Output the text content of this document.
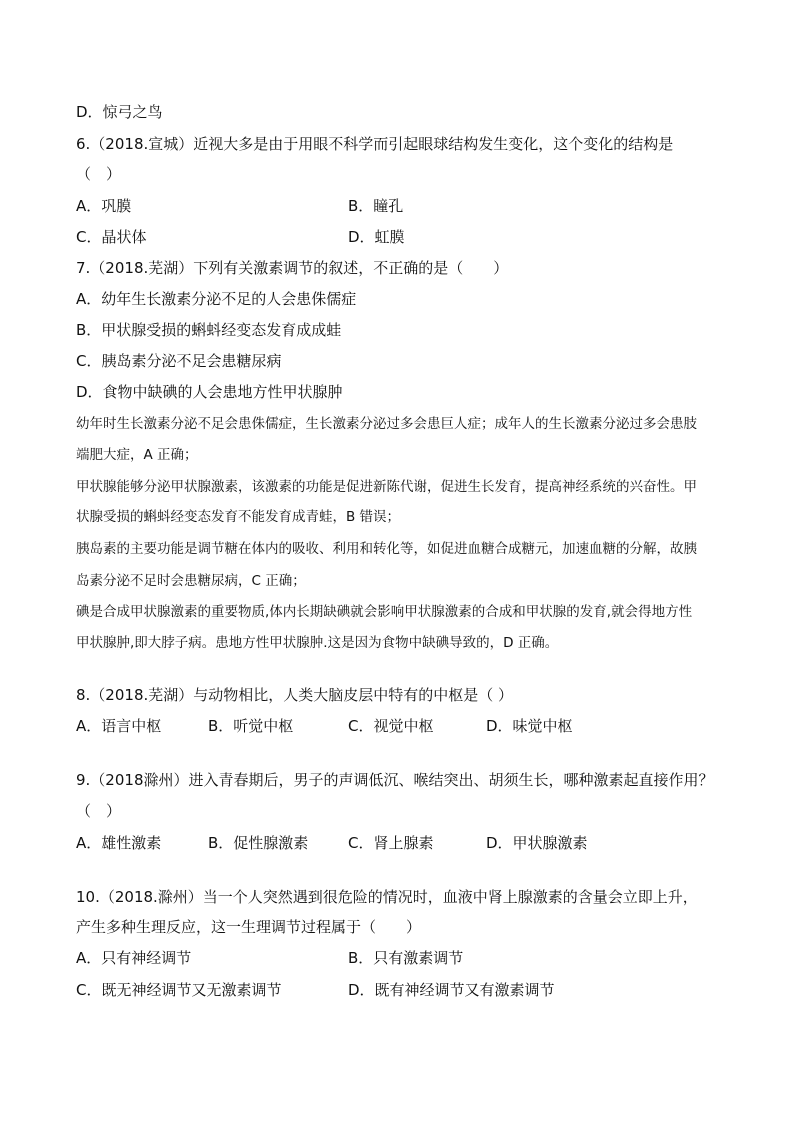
D．惊弓之鸟
6.（2018.宣城）近视大多是由于用眼不科学而引起眼球结构发生变化，这个变化的结构是
（　）
A．巩膜	B．瞳孔
C．晶状体	D．虹膜
7.（2018.芜湖）下列有关激素调节的叙述，不正确的是（　　）
A．幼年生长激素分泌不足的人会患侏儒症
B．甲状腺受损的蝌蚪经变态发育成成蛙
C．胰岛素分泌不足会患糖尿病
D．食物中缺碘的人会患地方性甲状腺肿
幼年时生长激素分泌不足会患侏儒症，生长激素分泌过多会患巨人症；成年人的生长激素分泌过多会患肢
端肥大症，A 正确；
甲状腺能够分泌甲状腺激素，该激素的功能是促进新陈代谢，促进生长发育，提高神经系统的兴奋性。甲
状腺受损的蝌蚪经变态发育不能发育成青蛙，B 错误；
胰岛素的主要功能是调节糖在体内的吸收、利用和转化等，如促进血糖合成糖元，加速血糖的分解，故胰
岛素分泌不足时会患糖尿病，C 正确；
碘是合成甲状腺激素的重要物质,体内长期缺碘就会影响甲状腺激素的合成和甲状腺的发育,就会得地方性
甲状腺肿,即大脖子病。患地方性甲状腺肿.这是因为食物中缺碘导致的，D 正确。
8.（2018.芜湖）与动物相比，人类大脑皮层中特有的中枢是（ ）
A．语言中枢	B．听觉中枢	C．视觉中枢	D．味觉中枢
9.（2018滁州）进入青春期后，男子的声调低沉、喉结突出、胡须生长，哪种激素起直接作用？
（　）
A．雄性激素	B．促性腺激素	C．肾上腺素	D．甲状腺激素
10.（2018.滁州）当一个人突然遇到很危险的情况时，血液中肾上腺激素的含量会立即上升，
产生多种生理反应，这一生理调节过程属于（　　）
A．只有神经调节	B．只有激素调节
C．既无神经调节又无激素调节	D．既有神经调节又有激素调节
